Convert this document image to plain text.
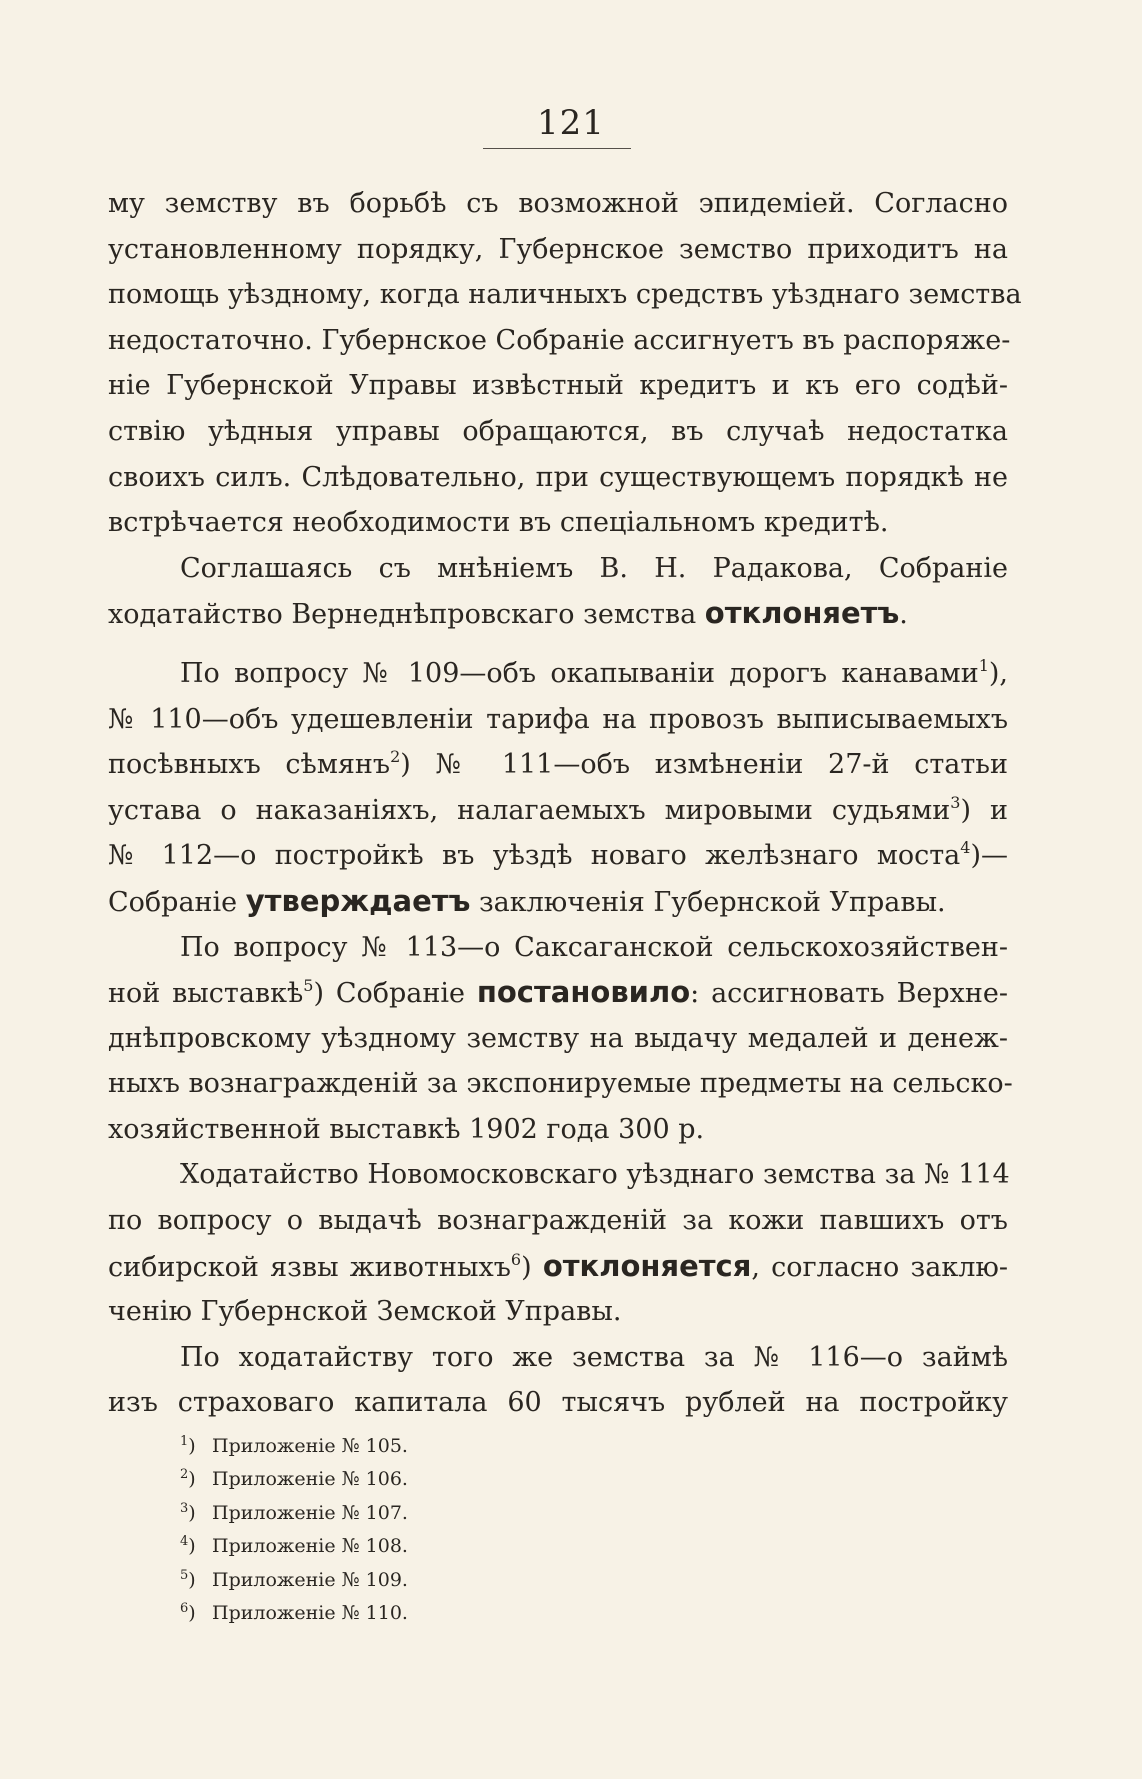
121
му земству въ борьбѣ съ возможной эпидеміей. Согласно
установленному порядку, Губернское земство приходитъ на
помощь уѣздному, когда наличныхъ средствъ уѣзднаго земства
недостаточно. Губернское Собраніе ассигнуетъ въ распоряже-
ніе Губернской Управы извѣстный кредитъ и къ его содѣй-
ствію уѣдныя управы обращаются, въ случаѣ недостатка
своихъ силъ. Слѣдовательно, при существующемъ порядкѣ не
встрѣчается необходимости въ спеціальномъ кредитѣ.
Соглашаясь съ мнѣніемъ В. Н. Радакова, Собраніе
ходатайство Вернеднѣпровскаго земства отклоняетъ.
По вопросу № 109—объ окапываніи дорогъ канавами$^1$),
№ 110—объ удешевленіи тарифа на провозъ выписываемыхъ
посѣвныхъ сѣмянъ$^2$) № 111—объ измѣненіи 27-й статьи
устава о наказаніяхъ, налагаемыхъ мировыми судьями$^3$) и
№ 112—о постройкѣ въ уѣздѣ новаго желѣзнаго моста$^4$)—
Собраніе утверждаетъ заключенія Губернской Управы.
По вопросу № 113—о Саксаганской сельскохозяйствен-
ной выставкѣ$^5$) Собраніе постановило: ассигновать Верхне-
днѣпровскому уѣздному земству на выдачу медалей и денеж-
ныхъ вознагражденій за экспонируемые предметы на сельско-
хозяйственной выставкѣ 1902 года 300 р.
Ходатайство Новомосковскаго уѣзднаго земства за № 114
по вопросу о выдачѣ вознагражденій за кожи павшихъ отъ
сибирской язвы животныхъ$^6$) отклоняется, согласно заклю-
ченію Губернской Земской Управы.
По ходатайству того же земства за № 116—о займѣ
изъ страховаго капитала 60 тысячъ рублей на постройку
$^1$) Приложеніе № 105.
$^2$) Приложеніе № 106.
$^3$) Приложеніе № 107.
$^4$) Приложеніе № 108.
$^5$) Приложеніе № 109.
$^6$) Приложеніе № 110.
